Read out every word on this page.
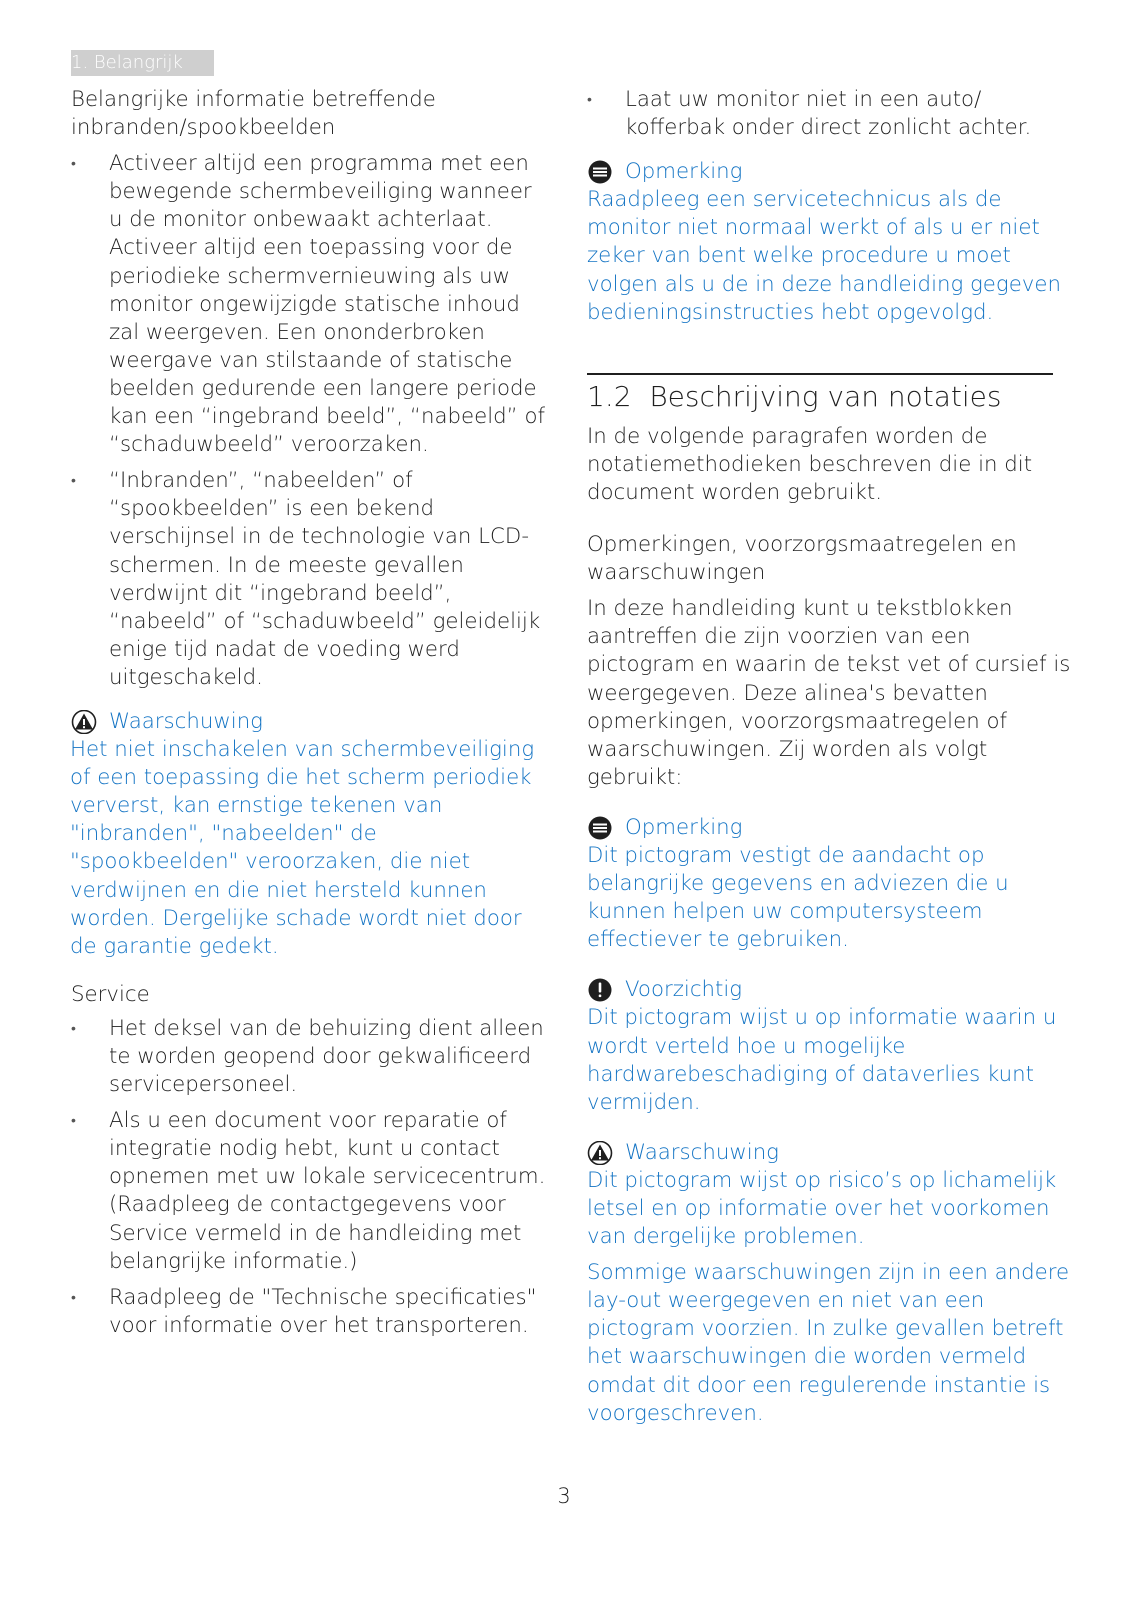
1. Belangrijk

Belangrijke informatie betreffende
inbranden/spookbeelden

• Activeer altijd een programma met een bewegende schermbeveiliging wanneer u de monitor onbewaakt achterlaat. Activeer altijd een toepassing voor de periodieke schermvernieuwing als uw monitor ongewijzigde statische inhoud zal weergeven. Een ononderbroken weergave van stilstaande of statische beelden gedurende een langere periode kan een “ingebrand beeld”, “nabeeld” of “schaduwbeeld” veroorzaken.
• “Inbranden”, “nabeelden” of “spookbeelden” is een bekend verschijnsel in de technologie van LCD-schermen. In de meeste gevallen verdwijnt dit “ingebrand beeld”, “nabeeld” of “schaduwbeeld” geleidelijk enige tijd nadat de voeding werd uitgeschakeld.
Waarschuwing

Het niet inschakelen van schermbeveiliging of een toepassing die het scherm periodiek ververst, kan ernstige tekenen van "inbranden", "nabeelden" de "spookbeelden" veroorzaken, die niet verdwijnen en die niet hersteld kunnen worden. Dergelijke schade wordt niet door de garantie gedekt.

Service

• Het deksel van de behuizing dient alleen te worden geopend door gekwalificeerd servicepersoneel.
• Als u een document voor reparatie of integratie nodig hebt, kunt u contact opnemen met uw lokale servicecentrum. (Raadpleeg de contactgegevens voor Service vermeld in de handleiding met belangrijke informatie.)
• Raadpleeg de "Technische specificaties" voor informatie over het transporteren.
• Laat uw monitor niet in een auto/ kofferbak onder direct zonlicht achter.
Opmerking

Raadpleeg een servicetechnicus als de monitor niet normaal werkt of als u er niet zeker van bent welke procedure u moet volgen als u de in deze handleiding gegeven bedieningsinstructies hebt opgevolgd.

1.2 Beschrijving van notaties

In de volgende paragrafen worden de notatiemethodieken beschreven die in dit document worden gebruikt.

Opmerkingen, voorzorgsmaatregelen en waarschuwingen

In deze handleiding kunt u tekstblokken aantreffen die zijn voorzien van een pictogram en waarin de tekst vet of cursief is weergegeven. Deze alinea's bevatten opmerkingen, voorzorgsmaatregelen of waarschuwingen. Zij worden als volgt gebruikt:

Opmerking

Dit pictogram vestigt de aandacht op belangrijke gegevens en adviezen die u kunnen helpen uw computersysteem effectiever te gebruiken.

Voorzichtig

Dit pictogram wijst u op informatie waarin u wordt verteld hoe u mogelijke hardwarebeschadiging of dataverlies kunt vermijden.

Waarschuwing

Dit pictogram wijst op risico’s op lichamelijk letsel en op informatie over het voorkomen van dergelijke problemen.

Sommige waarschuwingen zijn in een andere lay-out weergegeven en niet van een pictogram voorzien. In zulke gevallen betreft het waarschuwingen die worden vermeld omdat dit door een regulerende instantie is voorgeschreven.

3
